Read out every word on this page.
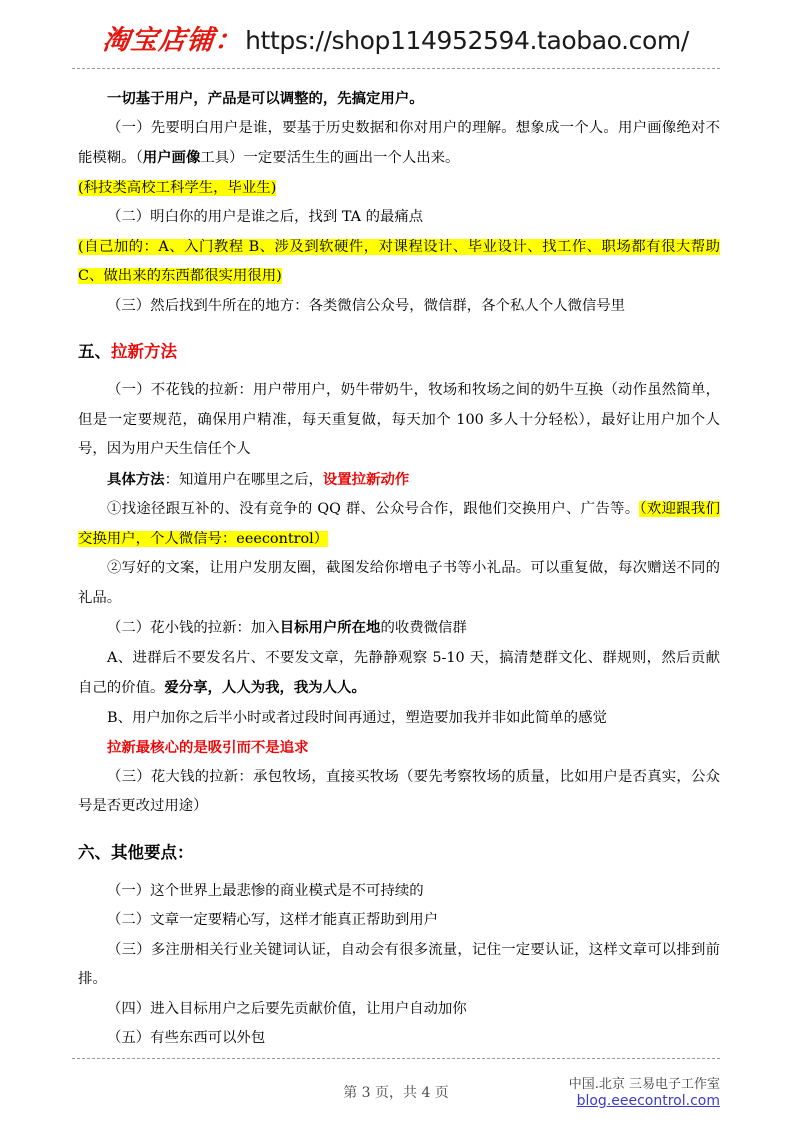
淘宝店铺： https://shop114952594.taobao.com/
一切基于用户，产品是可以调整的，先搞定用户。
（一）先要明白用户是谁，要基于历史数据和你对用户的理解。想象成一个人。用户画像绝对不能模糊。（用户画像工具）一定要活生生的画出一个人出来。
(科技类高校工科学生，毕业生)
（二）明白你的用户是谁之后，找到 TA 的最痛点
(自己加的：A、入门教程 B、涉及到软硬件，对课程设计、毕业设计、找工作、职场都有很大帮助 C、做出来的东西都很实用很用)
（三）然后找到牛所在的地方：各类微信公众号，微信群，各个私人个人微信号里
五、拉新方法
（一）不花钱的拉新：用户带用户，奶牛带奶牛，牧场和牧场之间的奶牛互换（动作虽然简单，但是一定要规范，确保用户精准，每天重复做，每天加个 100 多人十分轻松），最好让用户加个人号，因为用户天生信任个人
具体方法：知道用户在哪里之后，设置拉新动作
①找途径跟互补的、没有竞争的 QQ 群、公众号合作，跟他们交换用户、广告等。（欢迎跟我们交换用户，个人微信号：eeecontrol）
②写好的文案，让用户发朋友圈，截图发给你增电子书等小礼品。可以重复做，每次赠送不同的礼品。
（二）花小钱的拉新：加入目标用户所在地的收费微信群
A、进群后不要发名片、不要发文章，先静静观察 5-10 天，搞清楚群文化、群规则，然后贡献自己的价值。爱分享，人人为我，我为人人。
B、用户加你之后半小时或者过段时间再通过，塑造要加我并非如此简单的感觉
拉新最核心的是吸引而不是追求
（三）花大钱的拉新：承包牧场，直接买牧场（要先考察牧场的质量，比如用户是否真实，公众号是否更改过用途）
六、其他要点：
（一）这个世界上最悲惨的商业模式是不可持续的
（二）文章一定要精心写，这样才能真正帮助到用户
（三）多注册相关行业关键词认证，自动会有很多流量，记住一定要认证，这样文章可以排到前排。
（四）进入目标用户之后要先贡献价值，让用户自动加你
（五）有些东西可以外包
第 3 页，共 4 页
中国.北京 三易电子工作室
blog.eeecontrol.com
